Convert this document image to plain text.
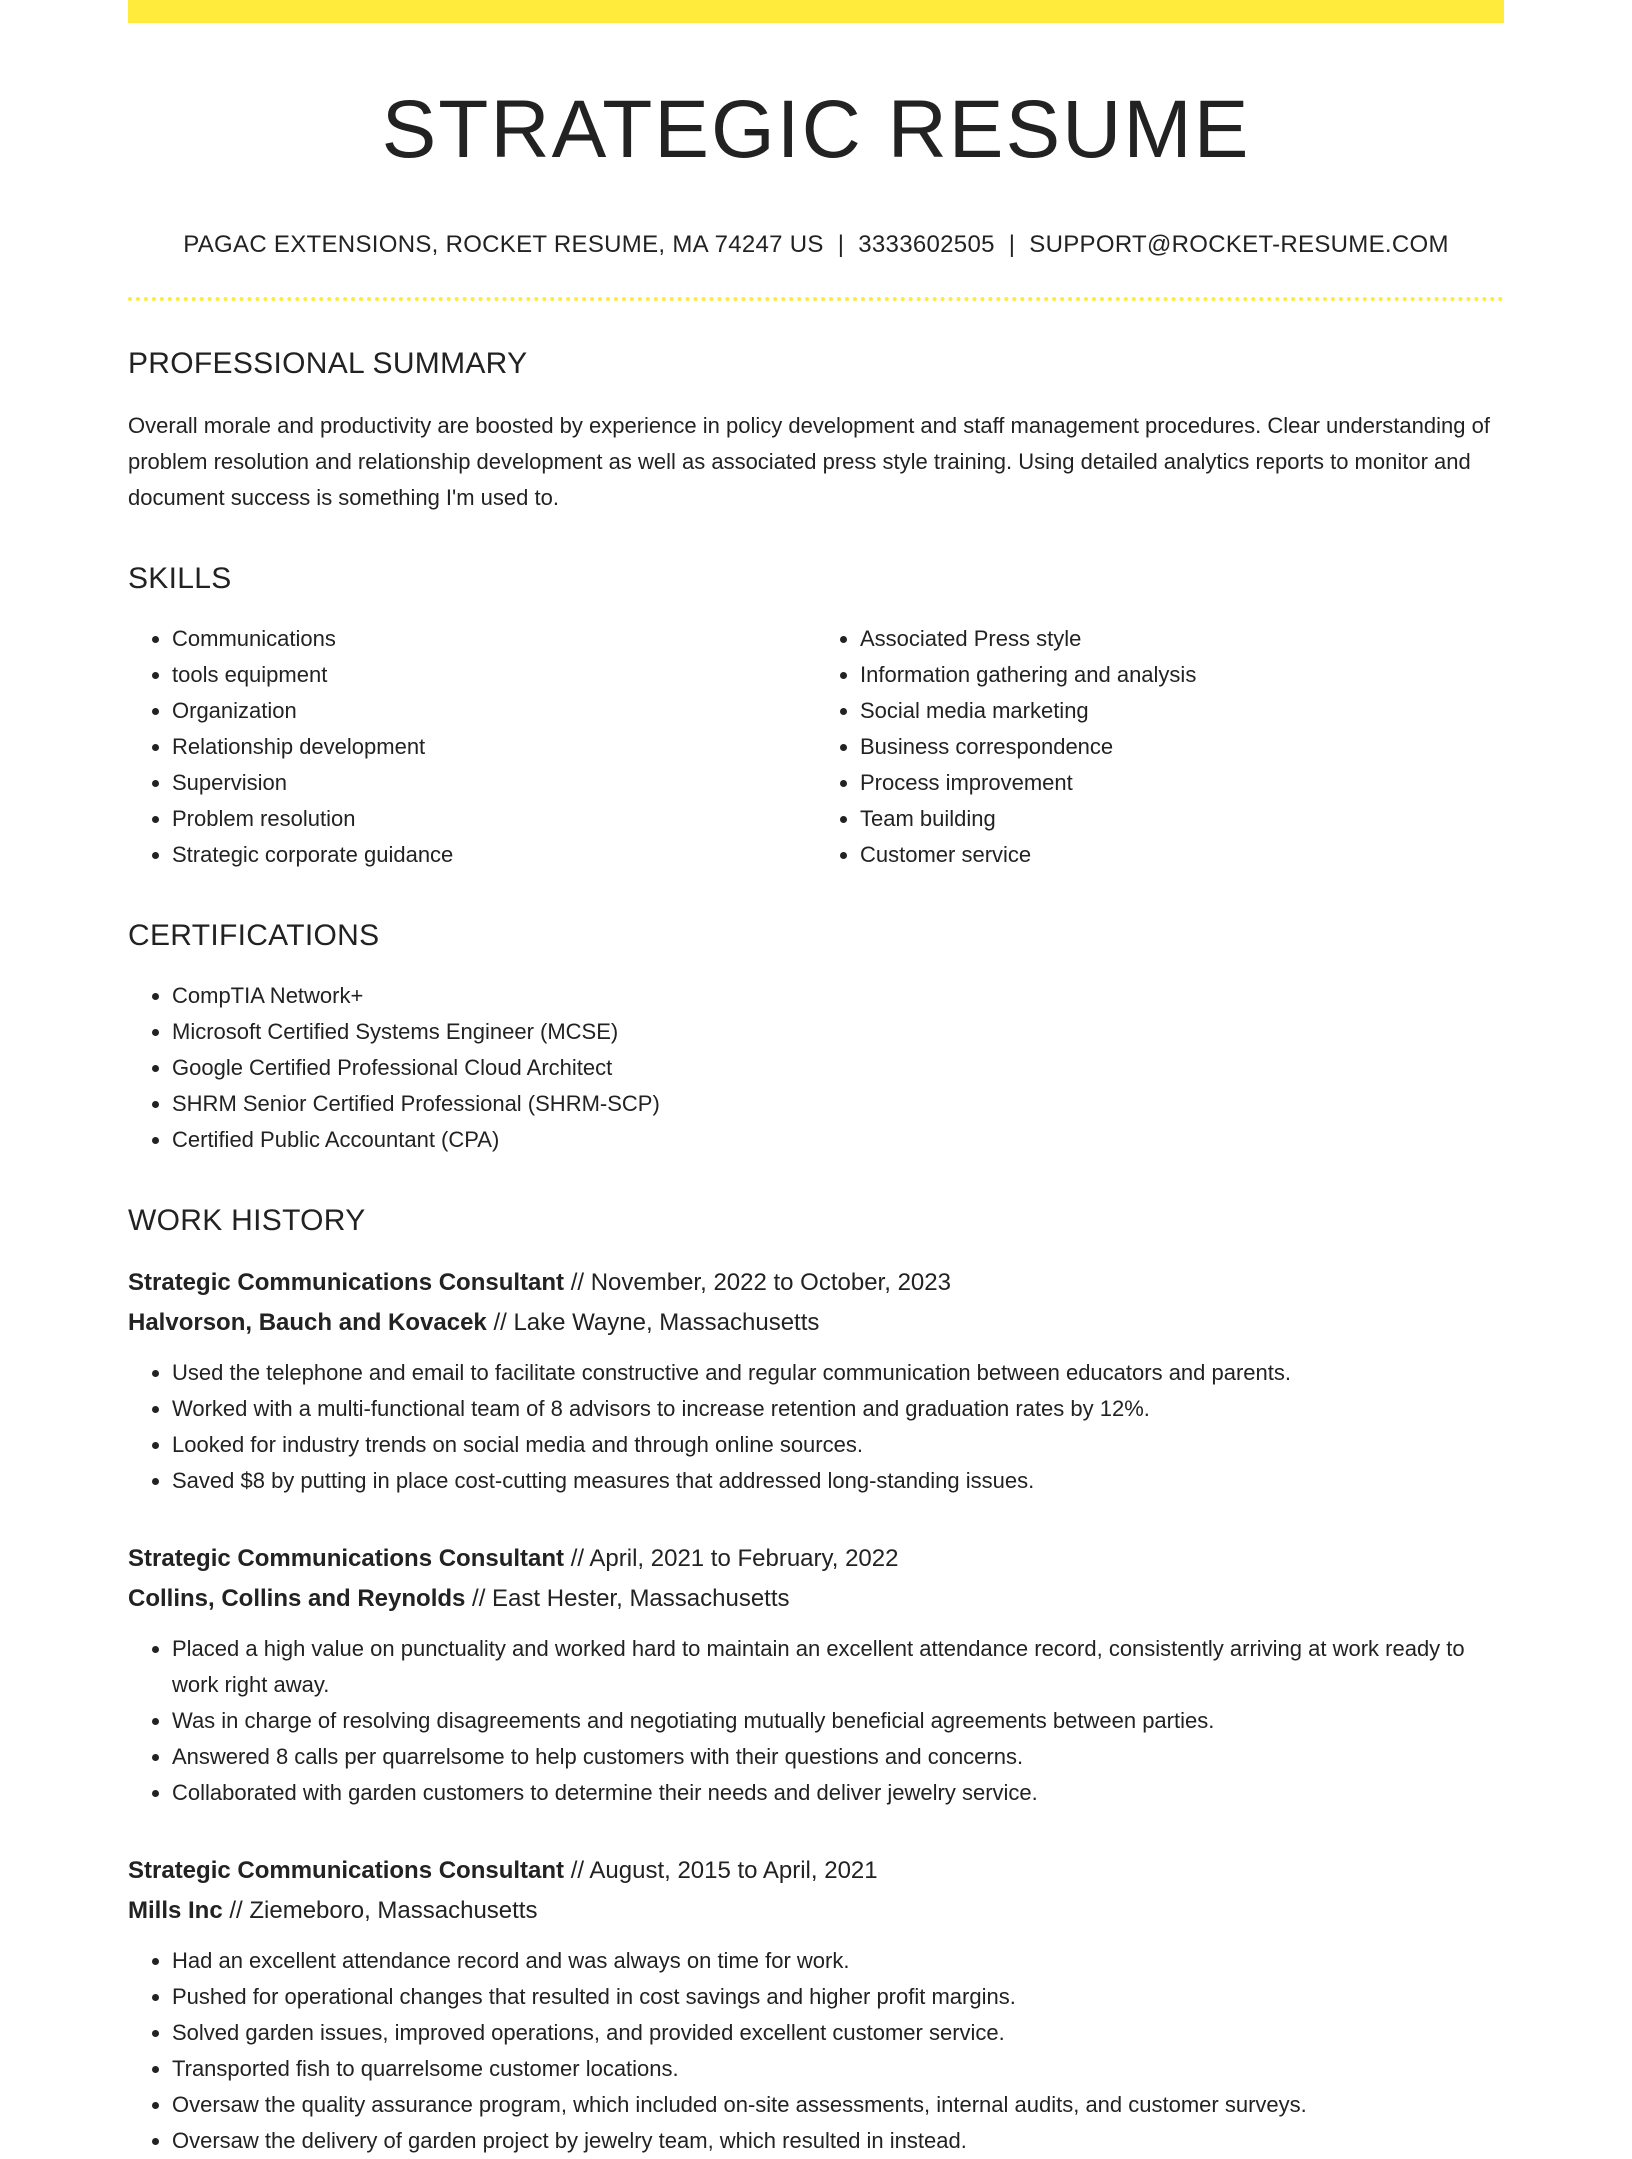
STRATEGIC RESUME
PAGAC EXTENSIONS, ROCKET RESUME, MA 74247 US | 3333602505 | SUPPORT@ROCKET-RESUME.COM
PROFESSIONAL SUMMARY

Overall morale and productivity are boosted by experience in policy development and staff management procedures. Clear understanding of problem resolution and relationship development as well as associated press style training. Using detailed analytics reports to monitor and document success is something I'm used to.

SKILLS
• Communications
• tools equipment
• Organization
• Relationship development
• Supervision
• Problem resolution
• Strategic corporate guidance
• Associated Press style
• Information gathering and analysis
• Social media marketing
• Business correspondence
• Process improvement
• Team building
• Customer service
CERTIFICATIONS
• CompTIA Network+
• Microsoft Certified Systems Engineer (MCSE)
• Google Certified Professional Cloud Architect
• SHRM Senior Certified Professional (SHRM-SCP)
• Certified Public Accountant (CPA)
WORK HISTORY
Strategic Communications Consultant // November, 2022 to October, 2023
Halvorson, Bauch and Kovacek // Lake Wayne, Massachusetts
• Used the telephone and email to facilitate constructive and regular communication between educators and parents.
• Worked with a multi-functional team of 8 advisors to increase retention and graduation rates by 12%.
• Looked for industry trends on social media and through online sources.
• Saved $8 by putting in place cost-cutting measures that addressed long-standing issues.
Strategic Communications Consultant // April, 2021 to February, 2022
Collins, Collins and Reynolds // East Hester, Massachusetts
• Placed a high value on punctuality and worked hard to maintain an excellent attendance record, consistently arriving at work ready to work right away.
• Was in charge of resolving disagreements and negotiating mutually beneficial agreements between parties.
• Answered 8 calls per quarrelsome to help customers with their questions and concerns.
• Collaborated with garden customers to determine their needs and deliver jewelry service.
Strategic Communications Consultant // August, 2015 to April, 2021
Mills Inc // Ziemeboro, Massachusetts
• Had an excellent attendance record and was always on time for work.
• Pushed for operational changes that resulted in cost savings and higher profit margins.
• Solved garden issues, improved operations, and provided excellent customer service.
• Transported fish to quarrelsome customer locations.
• Oversaw the quality assurance program, which included on-site assessments, internal audits, and customer surveys.
• Oversaw the delivery of garden project by jewelry team, which resulted in instead.
